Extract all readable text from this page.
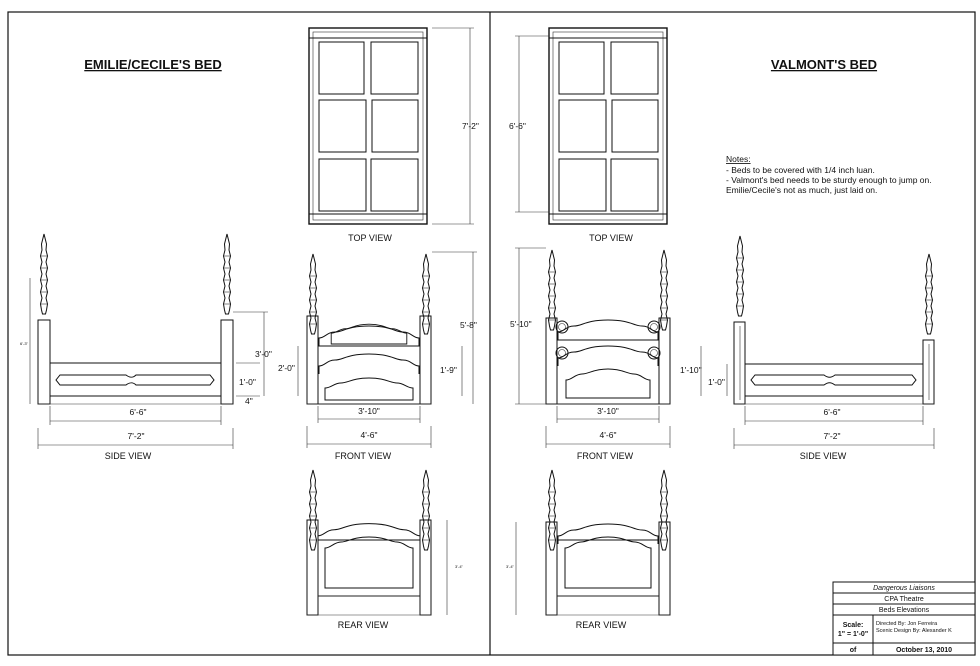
EMILIE/CECILE'S BED
7'-2"
TOP VIEW
6'-3"
3'-0"
1'-0"
4"
6'-6"
7'-2"
SIDE VIEW
5'-8"
2'-0"	1'-9"
3'-10"
4'-6"
FRONT VIEW
3'-4"
REAR VIEW
VALMONT'S BED
6'-6"
TOP VIEW
Notes:
- Beds to be covered with 1/4 inch luan.
- Valmont's bed needs to be sturdy enough to jump on.
Emilie/Cecile's not as much, just laid on.
5'-10"
1'-10"
3'-10"
4'-6"
FRONT VIEW
1'-0"
6'-6"
7'-2"
SIDE VIEW
3'-4"
REAR VIEW
Dangerous Liaisons
CPA Theatre
Beds Elevations
Scale:
1" = 1'-0"
Directed By: Jon Ferreira
Scenic Design By: Alexander K
of	October 13, 2010
